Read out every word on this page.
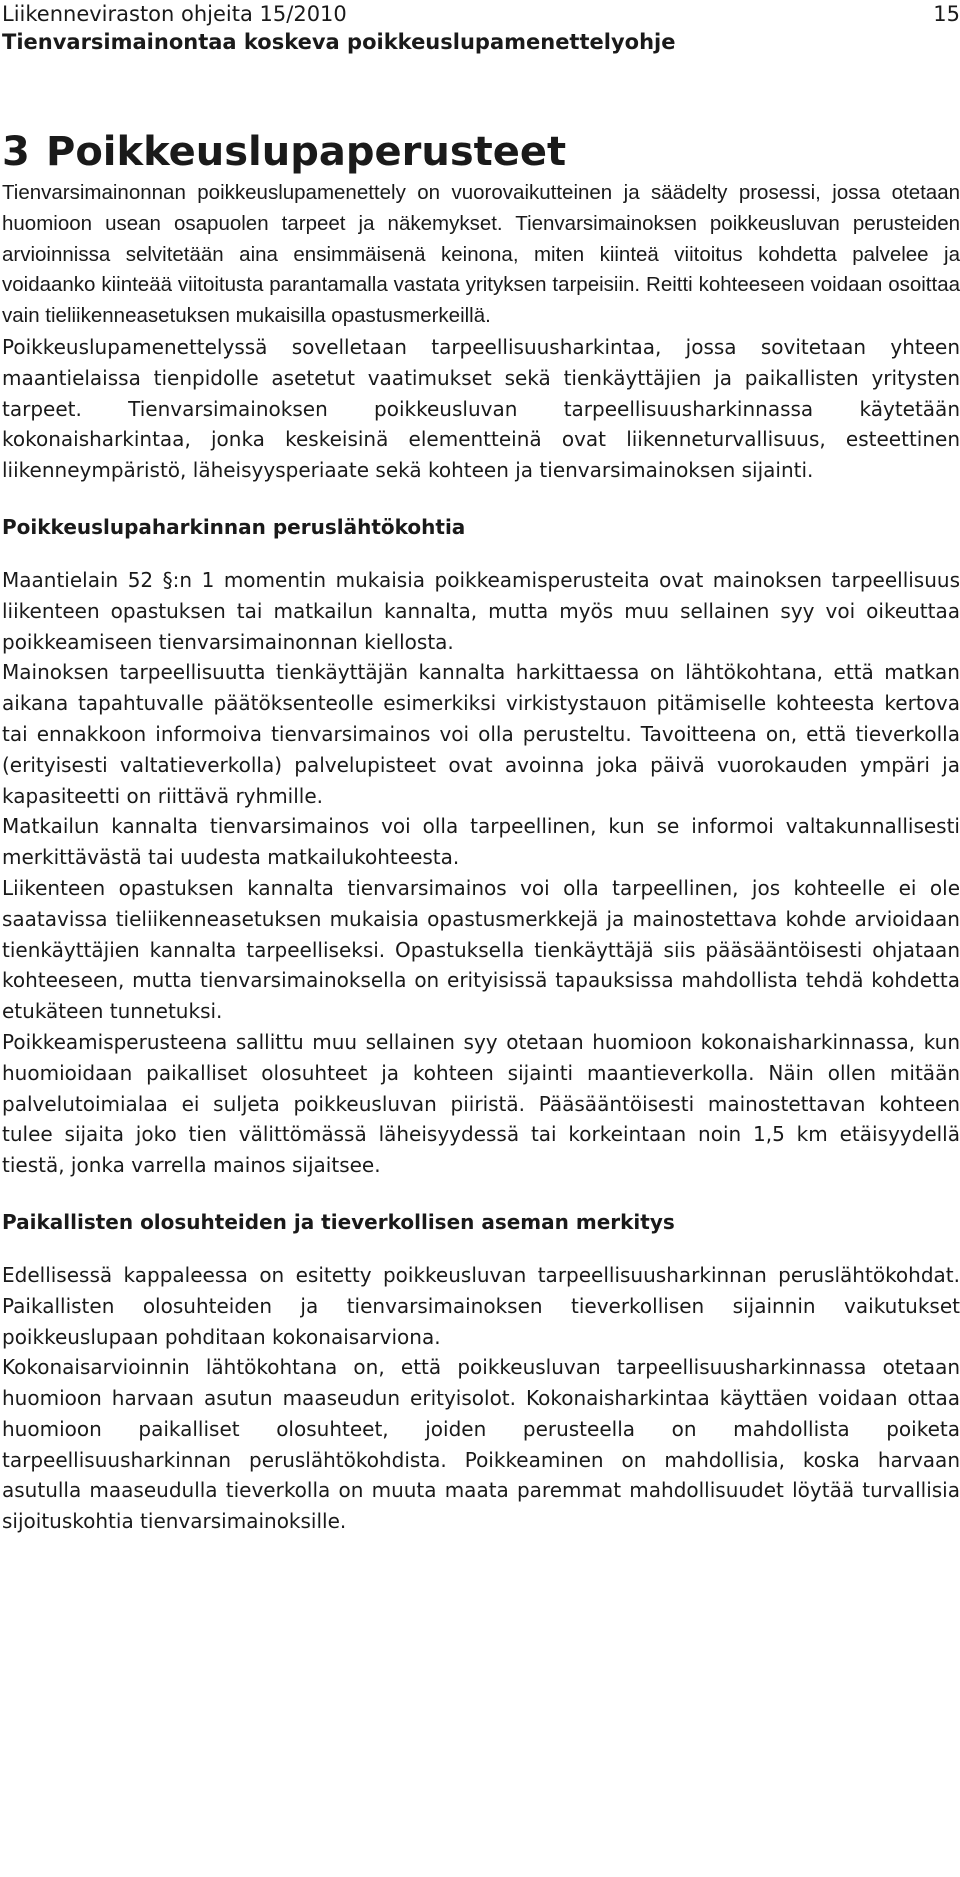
Liikenneviraston ohjeita 15/2010
Tienvarsimainontaa koskeva poikkeuslupamenettelyohje
15
3 Poikkeuslupaperusteet

Tienvarsimainonnan poikkeuslupamenettely on vuorovaikutteinen ja säädelty prosessi, jossa otetaan huomioon usean osapuolen tarpeet ja näkemykset. Tienvarsimainoksen poikkeusluvan perusteiden arvioinnissa selvitetään aina ensimmäisenä keinona, miten kiinteä viitoitus kohdetta palvelee ja voidaanko kiinteää viitoitusta parantamalla vastata yrityksen tarpeisiin. Reitti kohteeseen voidaan osoittaa vain tieliikenneasetuksen mukaisilla opastusmerkeillä.

Poikkeuslupamenettelyssä sovelletaan tarpeellisuusharkintaa, jossa sovitetaan yhteen maantielaissa tienpidolle asetetut vaatimukset sekä tienkäyttäjien ja paikallisten yritysten tarpeet. Tienvarsimainoksen poikkeusluvan tarpeellisuusharkinnassa käytetään kokonaisharkintaa, jonka keskeisinä elementteinä ovat liikenneturvallisuus, esteettinen liikenneympäristö, läheisyysperiaate sekä kohteen ja tienvarsimainoksen sijainti.

Poikkeuslupaharkinnan peruslähtökohtia

Maantielain 52 §:n 1 momentin mukaisia poikkeamisperusteita ovat mainoksen tarpeellisuus liikenteen opastuksen tai matkailun kannalta, mutta myös muu sellainen syy voi oikeuttaa poikkeamiseen tienvarsimainonnan kiellosta.

Mainoksen tarpeellisuutta tienkäyttäjän kannalta harkittaessa on lähtökohtana, että matkan aikana tapahtuvalle päätöksenteolle esimerkiksi virkistystauon pitämiselle kohteesta kertova tai ennakkoon informoiva tienvarsimainos voi olla perusteltu. Tavoitteena on, että tieverkolla (erityisesti valtatieverkolla) palvelupisteet ovat avoinna joka päivä vuorokauden ympäri ja kapasiteetti on riittävä ryhmille.

Matkailun kannalta tienvarsimainos voi olla tarpeellinen, kun se informoi valtakunnallisesti merkittävästä tai uudesta matkailukohteesta.

Liikenteen opastuksen kannalta tienvarsimainos voi olla tarpeellinen, jos kohteelle ei ole saatavissa tieliikenneasetuksen mukaisia opastusmerkkejä ja mainostettava kohde arvioidaan tienkäyttäjien kannalta tarpeelliseksi. Opastuksella tienkäyttäjä siis pääsääntöisesti ohjataan kohteeseen, mutta tienvarsimainoksella on erityisissä tapauksissa mahdollista tehdä kohdetta etukäteen tunnetuksi.

Poikkeamisperusteena sallittu muu sellainen syy otetaan huomioon kokonaisharkinnassa, kun huomioidaan paikalliset olosuhteet ja kohteen sijainti maantieverkolla. Näin ollen mitään palvelutoimialaa ei suljeta poikkeusluvan piiristä. Pääsääntöisesti mainostettavan kohteen tulee sijaita joko tien välittömässä läheisyydessä tai korkeintaan noin 1,5 km etäisyydellä tiestä, jonka varrella mainos sijaitsee.

Paikallisten olosuhteiden ja tieverkollisen aseman merkitys

Edellisessä kappaleessa on esitetty poikkeusluvan tarpeellisuusharkinnan peruslähtökohdat. Paikallisten olosuhteiden ja tienvarsimainoksen tieverkollisen sijainnin vaikutukset poikkeuslupaan pohditaan kokonaisarviona.

Kokonaisarvioinnin lähtökohtana on, että poikkeusluvan tarpeellisuusharkinnassa otetaan huomioon harvaan asutun maaseudun erityisolot. Kokonaisharkintaa käyttäen voidaan ottaa huomioon paikalliset olosuhteet, joiden perusteella on mahdollista poiketa tarpeellisuusharkinnan peruslähtökohdista. Poikkeaminen on mahdollisia, koska harvaan asutulla maaseudulla tieverkolla on muuta maata paremmat mahdollisuudet löytää turvallisia sijoituskohtia tienvarsimainoksille.
